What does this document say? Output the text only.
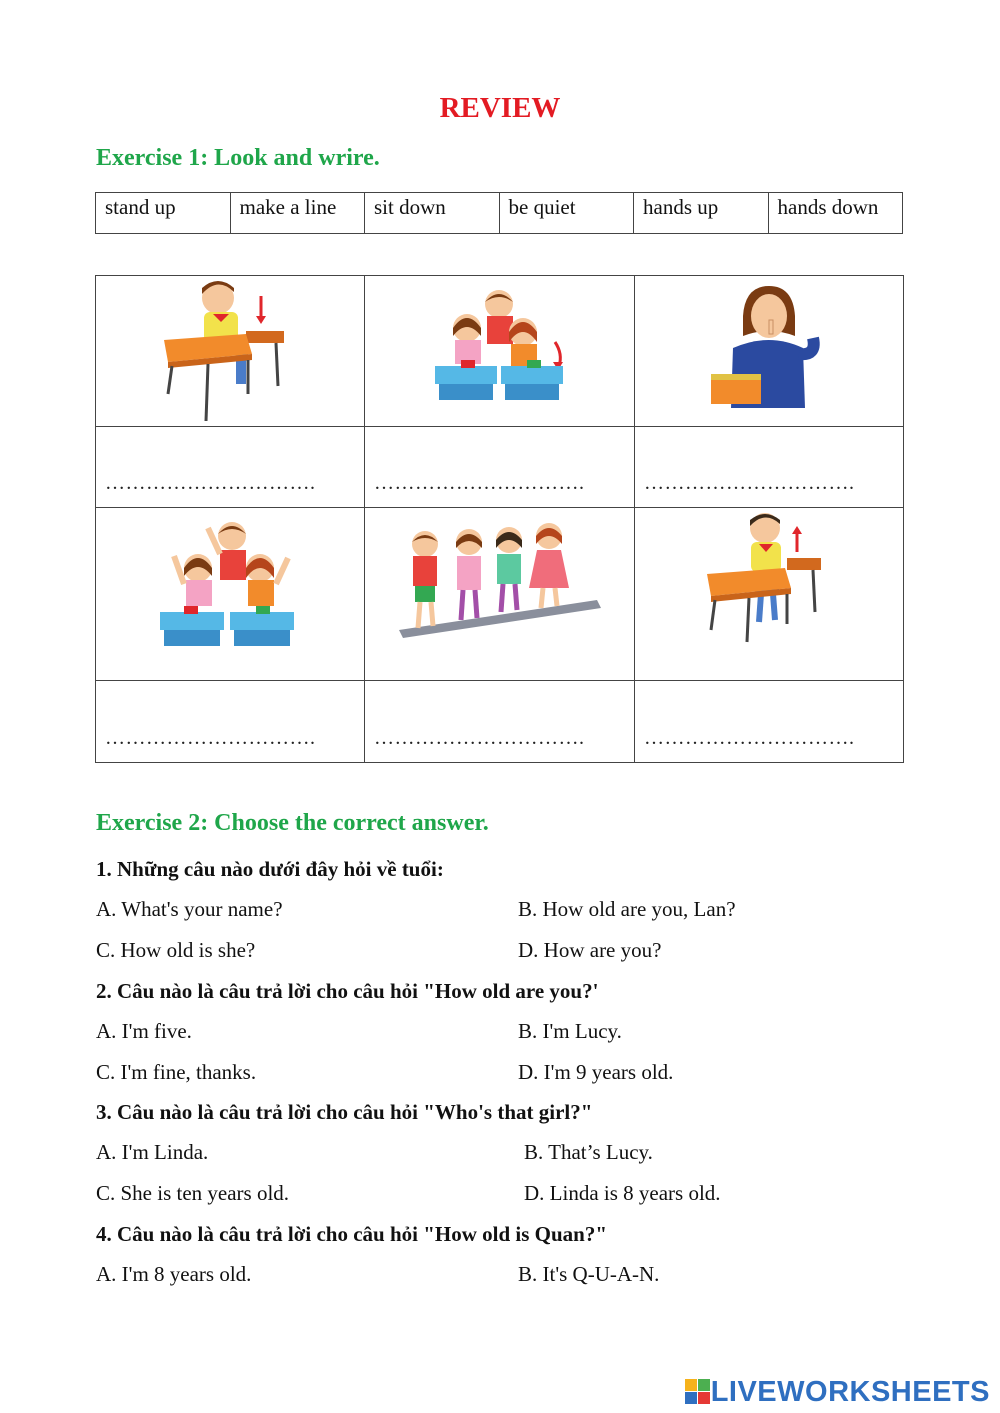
REVIEW
Exercise 1: Look and wrire.
stand up	make a line	sit down	be quiet	hands up	hands down
………………………….	………………………….	………………………….
………………………….	………………………….	………………………….
Exercise 2: Choose the correct answer.
1. Những câu nào dưới đây hỏi về tuổi:
A. What's your name?	B. How old are you, Lan?
C. How old is she?	D. How are you?
2. Câu nào là câu trả lời cho câu hỏi "How old are you?'
A. I'm five.	B. I'm Lucy.
C. I'm fine, thanks.	D. I'm 9 years old.
3. Câu nào là câu trả lời cho câu hỏi "Who's that girl?"
A. I'm Linda.	B. That’s Lucy.
C. She is ten years old.	D. Linda is 8 years old.
4. Câu nào là câu trả lời cho câu hỏi "How old is Quan?"
A. I'm 8 years old.	B. It's Q-U-A-N.
LIVEWORKSHEETS
